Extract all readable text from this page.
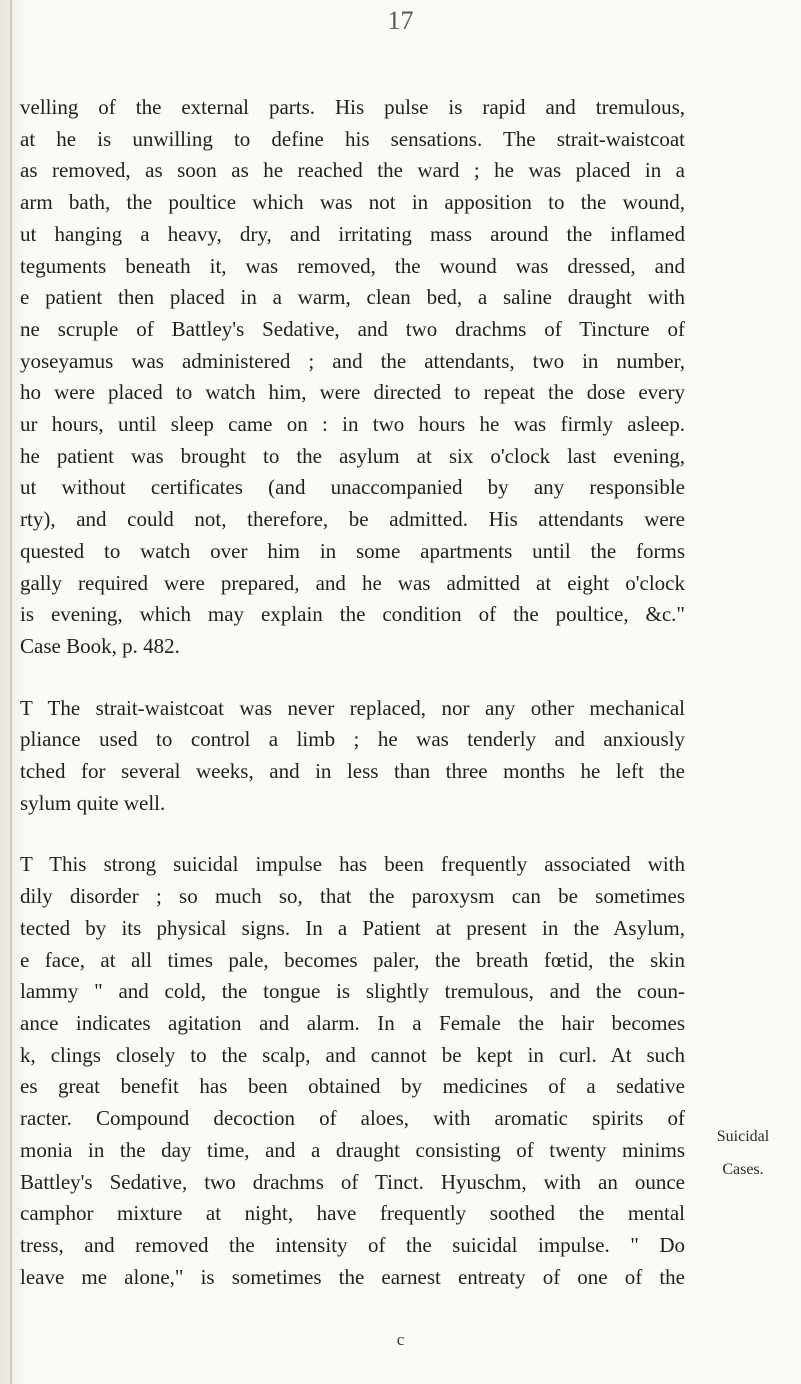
17

velling of the external parts. His pulse is rapid and tremulous,
at he is unwilling to define his sensations. The strait-waistcoat
as removed, as soon as he reached the ward ; he was placed in a
arm bath, the poultice which was not in apposition to the wound,
ut hanging a heavy, dry, and irritating mass around the inflamed
teguments beneath it, was removed, the wound was dressed, and
e patient then placed in a warm, clean bed, a saline draught with
ne scruple of Battley's Sedative, and two drachms of Tincture of
yoseyamus was administered ; and the attendants, two in number,
ho were placed to watch him, were directed to repeat the dose every
ur hours, until sleep came on : in two hours he was firmly asleep.
he patient was brought to the asylum at six o'clock last evening,
ut without certificates (and unaccompanied by any responsible
rty), and could not, therefore, be admitted. His attendants were
quested to watch over him in some apartments until the forms
gally required were prepared, and he was admitted at eight o'clock
is evening, which may explain the condition of the poultice, &c."
Case Book, p. 482.

T The strait-waistcoat was never replaced, nor any other mechanical
pliance used to control a limb ; he was tenderly and anxiously
tched for several weeks, and in less than three months he left the
sylum quite well.

T This strong suicidal impulse has been frequently associated with
dily disorder ; so much so, that the paroxysm can be sometimes
tected by its physical signs. In a Patient at present in the Asylum,
e face, at all times pale, becomes paler, the breath fœtid, the skin
lammy " and cold, the tongue is slightly tremulous, and the coun-
ance indicates agitation and alarm. In a Female the hair becomes
k, clings closely to the scalp, and cannot be kept in curl. At such
es great benefit has been obtained by medicines of a sedative
racter. Compound decoction of aloes, with aromatic spirits of
monia in the day time, and a draught consisting of twenty minims
Battley's Sedative, two drachms of Tinct. Hyuschm, with an ounce
camphor mixture at night, have frequently soothed the mental
tress, and removed the intensity of the suicidal impulse. " Do
leave me alone," is sometimes the earnest entreaty of one of the

Suicidal
Cases.
c
